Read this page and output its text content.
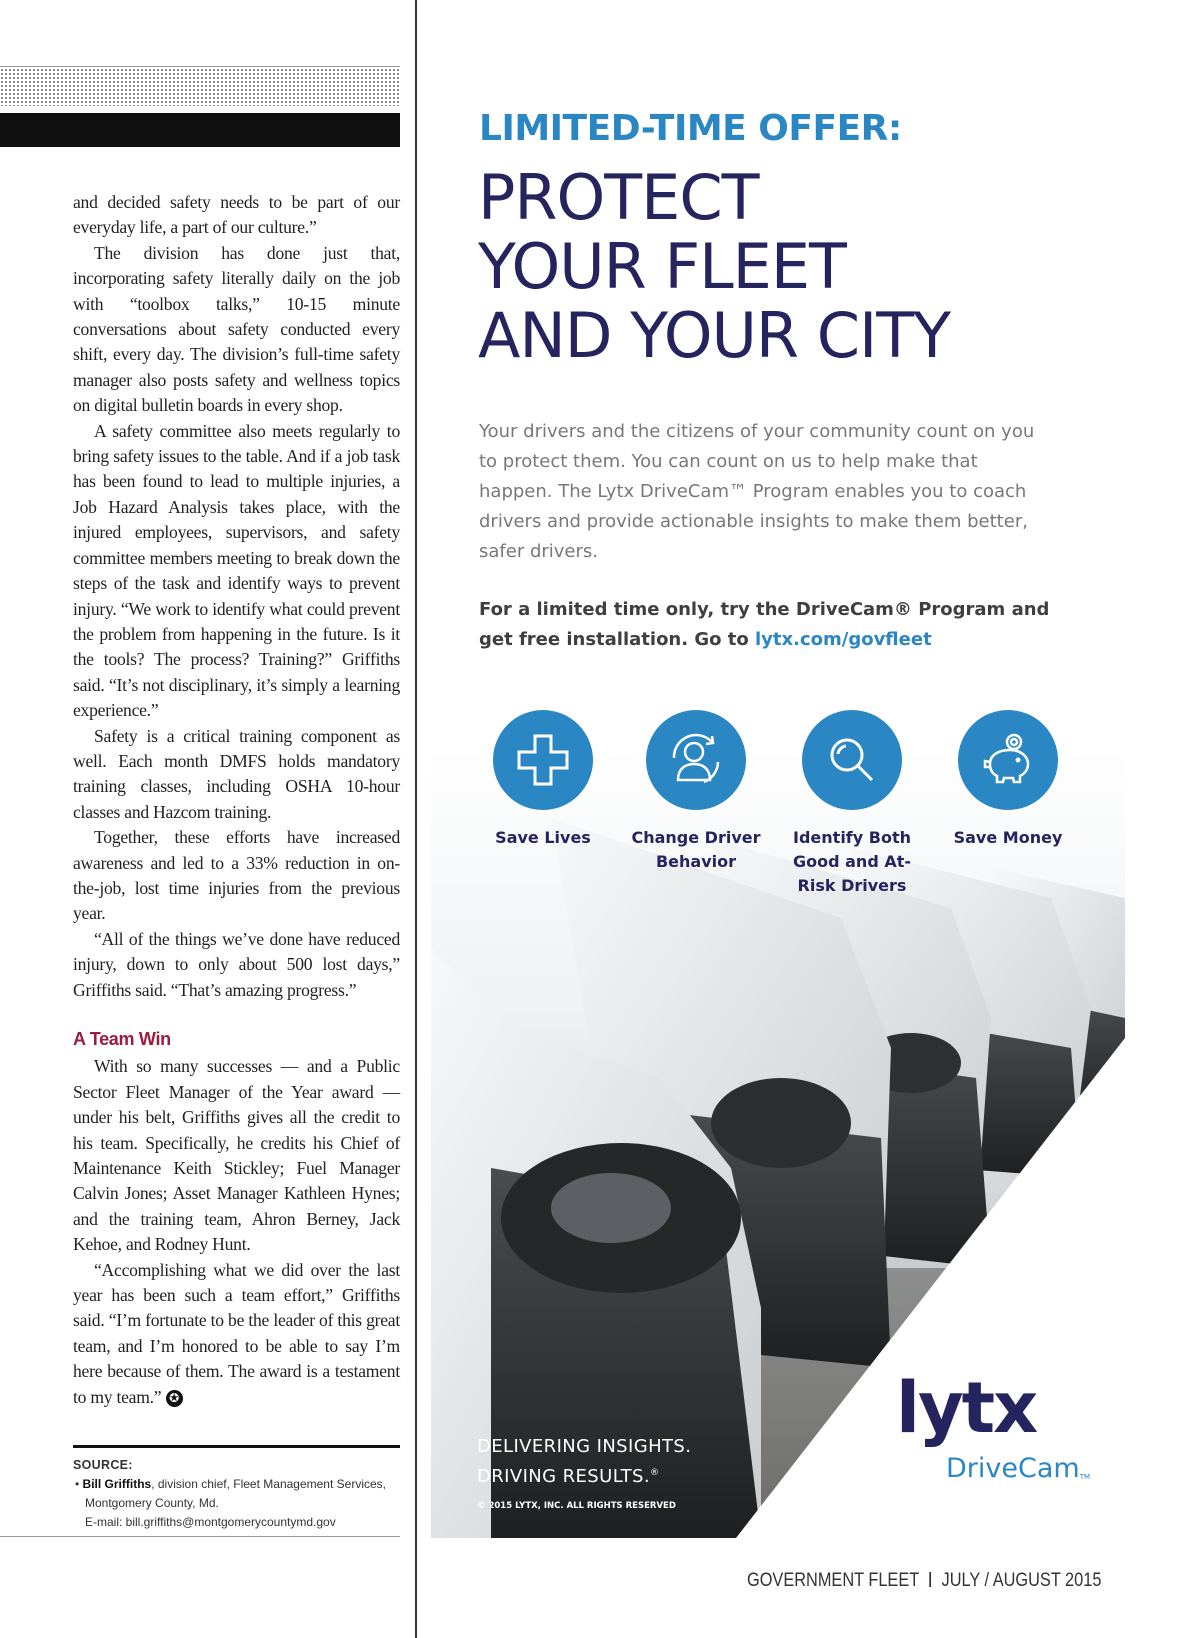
and decided safety needs to be part of our everyday life, a part of our culture.”

The division has done just that, incorporating safety literally daily on the job with “toolbox talks,” 10-15 minute conversations about safety conducted every shift, every day. The division’s full-time safety manager also posts safety and wellness topics on digital bulletin boards in every shop.

A safety committee also meets regularly to bring safety issues to the table. And if a job task has been found to lead to multiple injuries, a Job Hazard Analysis takes place, with the injured employees, supervisors, and safety committee members meeting to break down the steps of the task and identify ways to prevent injury. “We work to identify what could prevent the problem from happening in the future. Is it the tools? The process? Training?” Griffiths said. “It’s not disciplinary, it’s simply a learning experience.”

Safety is a critical training component as well. Each month DMFS holds mandatory training classes, including OSHA 10-hour classes and Hazcom training.

Together, these efforts have increased awareness and led to a 33% reduction in on-the-job, lost time injuries from the previous year.

“All of the things we’ve done have reduced injury, down to only about 500 lost days,” Griffiths said. “That’s amazing progress.”

A Team Win

With so many successes — and a Public Sector Fleet Manager of the Year award — under his belt, Griffiths gives all the credit to his team. Specifically, he credits his Chief of Maintenance Keith Stickley; Fuel Manager Calvin Jones; Asset Manager Kathleen Hynes; and the training team, Ahron Berney, Jack Kehoe, and Rodney Hunt.

“Accomplishing what we did over the last year has been such a team effort,” Griffiths said. “I’m fortunate to be the leader of this great team, and I’m honored to be able to say I’m here because of them. The award is a testament to my team.” ✪

SOURCE:
• Bill Griffiths, division chief, Fleet Management Services, Montgomery County, Md.
E-mail: bill.griffiths@montgomerycountymd.gov
LIMITED-TIME OFFER:
PROTECT
YOUR FLEET
AND YOUR CITY

Your drivers and the citizens of your community count on you to protect them. You can count on us to help make that happen. The Lytx DriveCam™ Program enables you to coach drivers and provide actionable insights to make them better, safer drivers.

For a limited time only, try the DriveCam® Program and get free installation. Go to lytx.com/govfleet

Save Lives	Change Driver Behavior
Identify Both Good and At-Risk Drivers
Save Money
DELIVERING INSIGHTS.
DRIVING RESULTS.®

© 2015 LYTX, INC. ALL RIGHTS RESERVED

lytx
DriveCam™
GOVERNMENT FLEET JULY / AUGUST 2015
